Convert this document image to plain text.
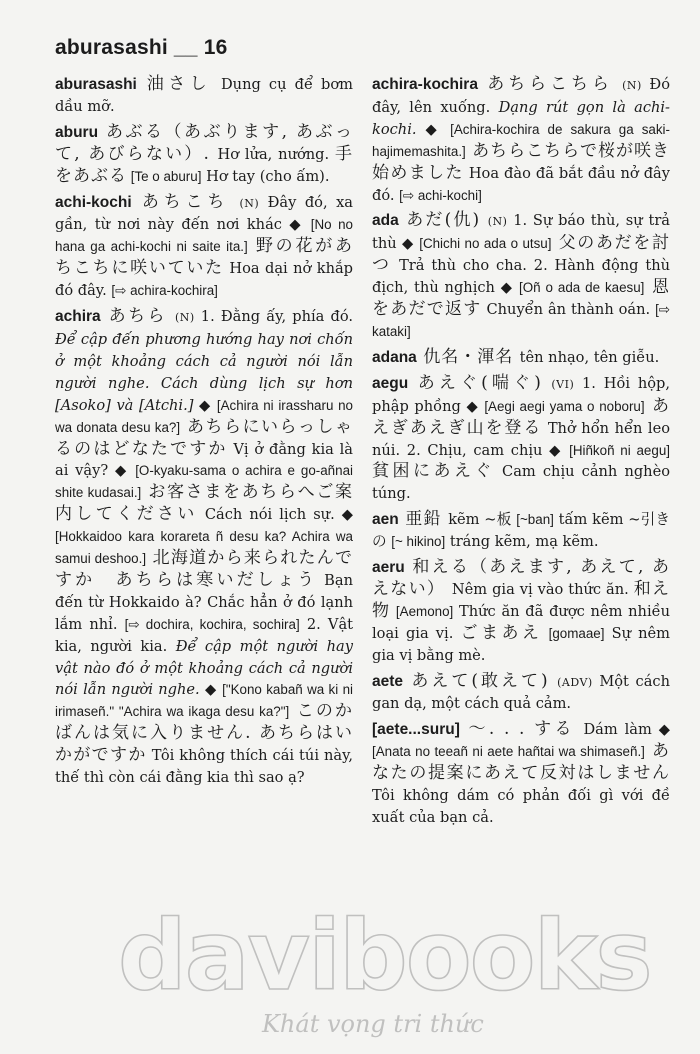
aburasashi __ 16

aburasashi 油さし Dụng cụ để bơm dầu mỡ.

aburu あぶる（あぶります, あぶって, あびらない）. Hơ lửa, nướng. 手をあぶる [Te o aburu] Hơ tay (cho ấm).

achi-kochi あちこち (N) Đây đó, xa gần, từ nơi này đến nơi khác ◆ [No no hana ga achi-kochi ni saite ita.] 野の花があちこちに咲いていた Hoa dại nở khắp đó đây. [⇨ achira-kochira]

achira あちら (N) 1. Đằng ấy, phía đó. Để cập đến phương hướng hay nơi chốn ở một khoảng cách cả người nói lẫn người nghe. Cách dùng lịch sự hơn [Asoko] và [Atchi.] ◆ [Achira ni irassharu no wa donata desu ka?] あちらにいらっしゃるのはどなたですか Vị ở đằng kia là ai vậy? ◆ [O-kyaku-sama o achira e go-añnai shite kudasai.] お客さまをあちらへご案内してください Cách nói lịch sự. ◆ [Hokkaidoo kara korareta ñ desu ka? Achira wa samui deshoo.] 北海道から来られたんですか　あちらは寒いだしょう Bạn đến từ Hokkaido à? Chắc hẳn ở đó lạnh lắm nhỉ. [⇨ dochira, kochira, sochira] 2. Vật kia, người kia. Để cập một người hay vật nào đó ở một khoảng cách cả người nói lẫn người nghe. ◆ ["Kono kabañ wa ki ni irimaseñ." "Achira wa ikaga desu ka?"] このかばんは気に入りません. あちらはいかがですか Tôi không thích cái túi này, thế thì còn cái đằng kia thì sao ạ?

achira-kochira あちらこちら (N) Đó đây, lên xuống. Dạng rút gọn là achi-kochi. ◆ [Achira-kochira de sakura ga saki-hajimemashita.] あちらこちらで桜が咲き始めました Hoa đào đã bắt đầu nở đây đó. [⇨ achi-kochi]

ada あだ(仇) (N) 1. Sự báo thù, sự trả thù ◆ [Chichi no ada o utsu] 父のあだを討つ Trả thù cho cha. 2. Hành động thù địch, thù nghịch ◆ [Oñ o ada de kaesu] 恩をあだで返す Chuyển ân thành oán. [⇨ kataki]

adana 仇名・渾名 tên nhạo, tên giễu.

aegu あえぐ(喘ぐ) (VI) 1. Hồi hộp, phập phồng ◆ [Aegi aegi yama o noboru] あえぎあえぎ山を登る Thở hổn hển leo núi. 2. Chịu, cam chịu ◆ [Hiñkoñ ni aegu] 貧困にあえぐ Cam chịu cảnh nghèo túng.

aen 亜鉛 kẽm ~板 [~ban] tấm kẽm ~引きの [~ hikino] tráng kẽm, mạ kẽm.

aeru 和える（あえます, あえて, あえない） Nêm gia vị vào thức ăn. 和え物 [Aemono] Thức ăn đã được nêm nhiều loại gia vị. ごまあえ [gomaae] Sự nêm gia vị bằng mè.

aete あえて(敢えて) (ADV) Một cách gan dạ, một cách quả cảm.

[aete...suru] 〜. . . する Dám làm ◆ [Anata no teeañ ni aete hañtai wa shimaseñ.] あなたの提案にあえて反対はしません Tôi không dám có phản đối gì với đề xuất của bạn cả.

davibooks
Khát vọng tri thức
